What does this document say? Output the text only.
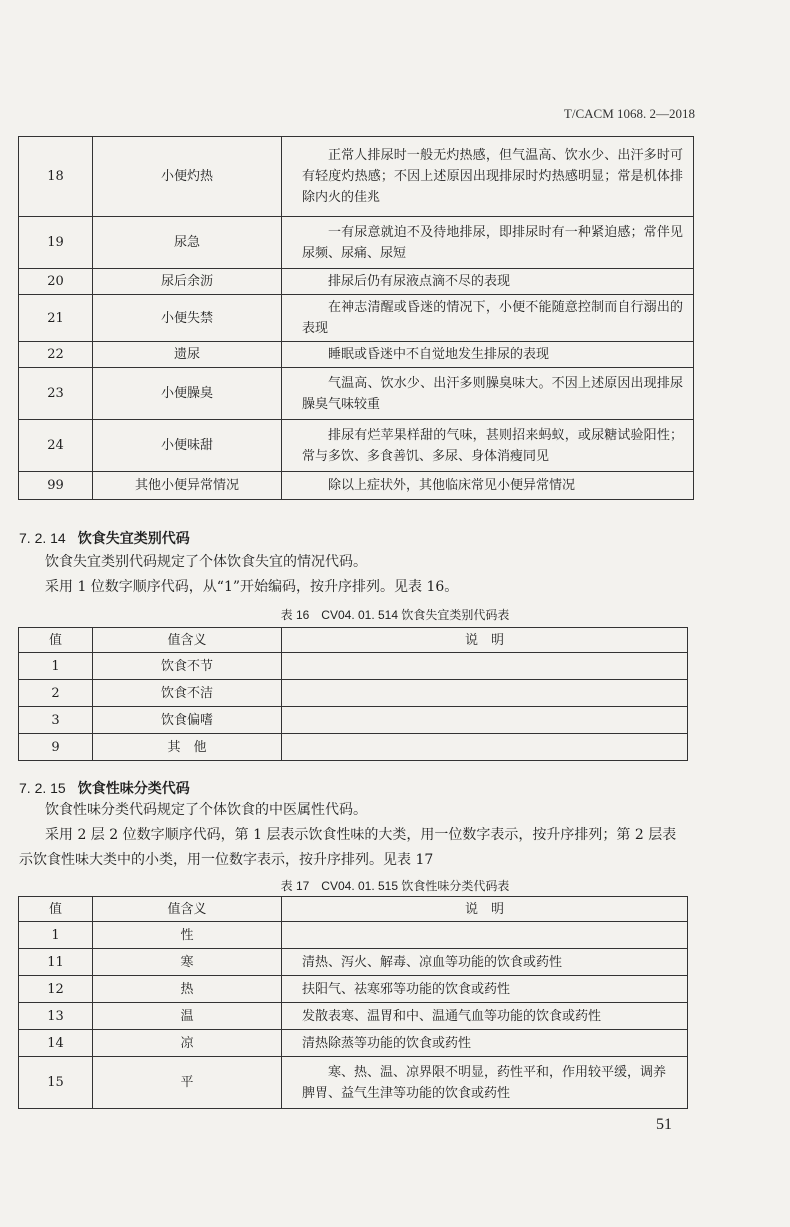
T/CACM 1068. 2—2018
18	小便灼热	正常人排尿时一般无灼热感，但气温高、饮水少、出汗多时可有轻度灼热感；不因上述原因出现排尿时灼热感明显；常是机体排除内火的佳兆
19	尿急	一有尿意就迫不及待地排尿，即排尿时有一种紧迫感；常伴见尿频、尿痛、尿短
20	尿后余沥	排尿后仍有尿液点滴不尽的表现
21	小便失禁	在神志清醒或昏迷的情况下，小便不能随意控制而自行溺出的表现
22	遗尿	睡眠或昏迷中不自觉地发生排尿的表现
23	小便臊臭	气温高、饮水少、出汗多则臊臭味大。不因上述原因出现排尿臊臭气味较重
24	小便味甜	排尿有烂苹果样甜的气味，甚则招来蚂蚁，或尿糖试验阳性；常与多饮、多食善饥、多尿、身体消瘦同见
99	其他小便异常情况	除以上症状外，其他临床常见小便异常情况
7. 2. 14 饮食失宜类别代码
饮食失宜类别代码规定了个体饮食失宜的情况代码。
采用 1 位数字顺序代码，从“1”开始编码，按升序排列。见表 16。
表 16　CV04. 01. 514 饮食失宜类别代码表
值	值含义	说　明
1	饮食不节	
2	饮食不洁	
3	饮食偏嗜	
9	其　他	
7. 2. 15 饮食性味分类代码
饮食性味分类代码规定了个体饮食的中医属性代码。
采用 2 层 2 位数字顺序代码，第 1 层表示饮食性味的大类，用一位数字表示，按升序排列；第 2 层表示饮食性味大类中的小类，用一位数字表示，按升序排列。见表 17
表 17　CV04. 01. 515 饮食性味分类代码表
值	值含义	说　明
1	性	
11	寒	清热、泻火、解毒、凉血等功能的饮食或药性
12	热	扶阳气、祛寒邪等功能的饮食或药性
13	温	发散表寒、温胃和中、温通气血等功能的饮食或药性
14	凉	清热除蒸等功能的饮食或药性
15	平	寒、热、温、凉界限不明显，药性平和，作用较平缓，调养脾胃、益气生津等功能的饮食或药性
51
